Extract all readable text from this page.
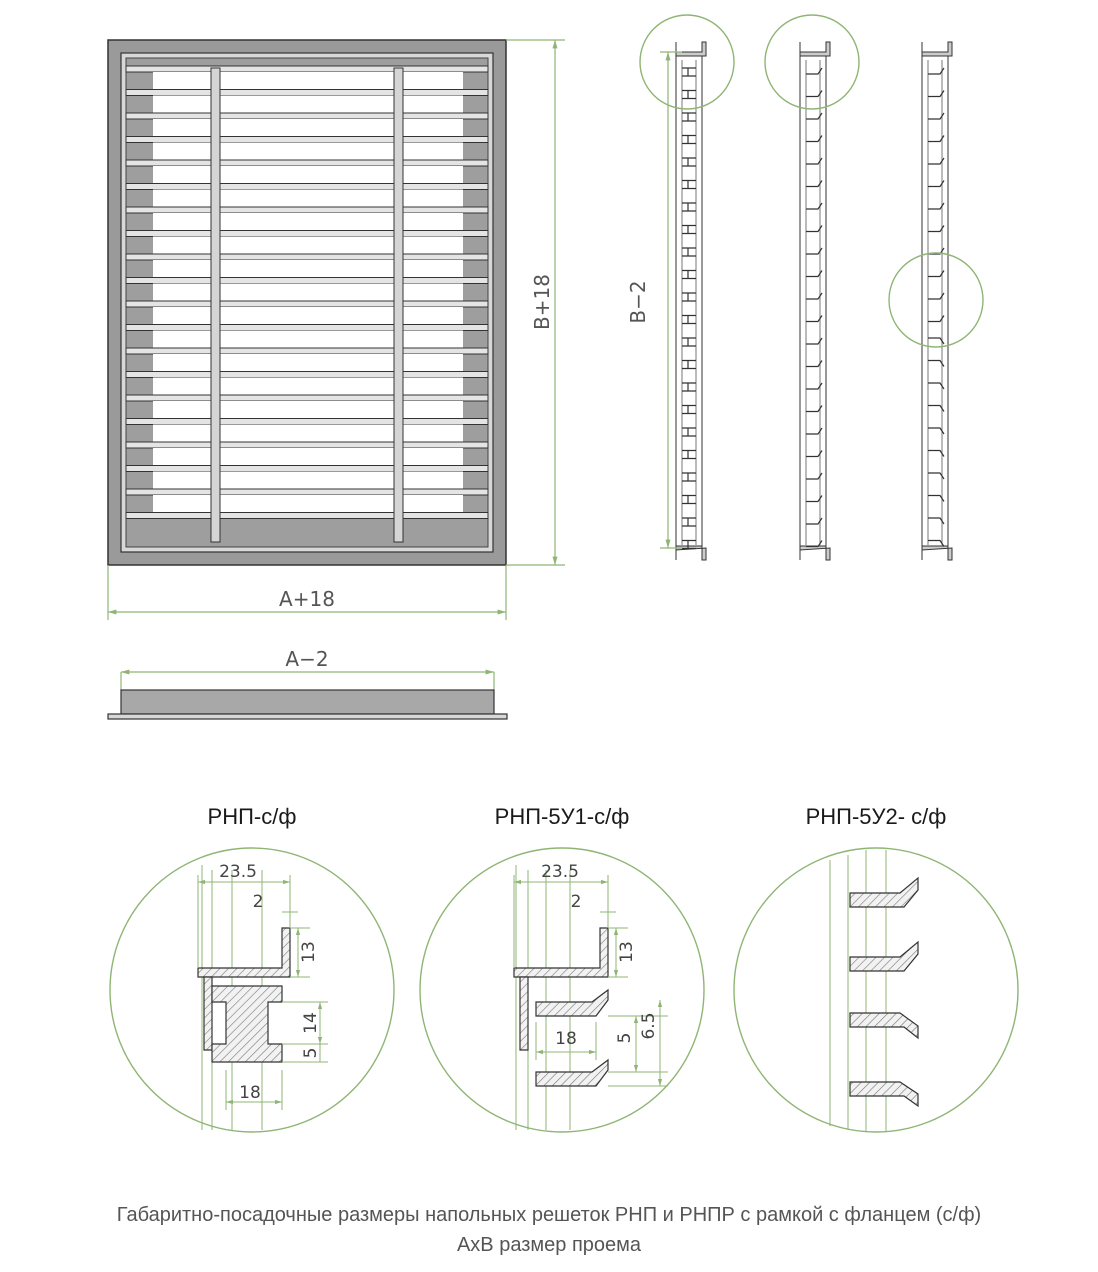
A+18
B+18
A−2
B−2
РНП-с/ф	РНП-5У1-с/ф	РНП-5У2- с/ф
23.5
2
13
14
5
18
23.5
2
13
18 5 6.5
Габаритно-посадочные размеры напольных решеток РНП и РНПР с рамкой с фланцем (с/ф)
АхВ размер проема
